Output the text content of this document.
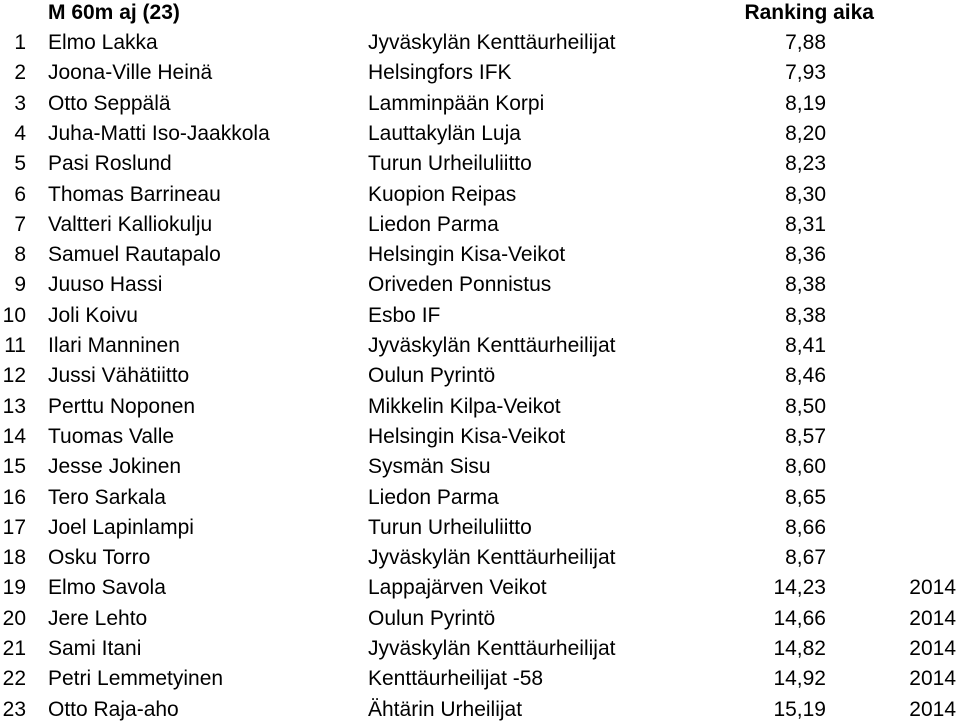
M 60m aj (23)	Ranking aika
1 Elmo Lakka	Jyväskylän Kenttäurheilijat	7,88
2 Joona-Ville Heinä	Helsingfors IFK	7,93
3 Otto Seppälä	Lamminpään Korpi	8,19
4 Juha-Matti Iso-Jaakkola	Lauttakylän Luja	8,20
5 Pasi Roslund	Turun Urheiluliitto	8,23
6 Thomas Barrineau	Kuopion Reipas	8,30
7 Valtteri Kalliokulju	Liedon Parma	8,31
8 Samuel Rautapalo	Helsingin Kisa-Veikot	8,36
9 Juuso Hassi	Oriveden Ponnistus	8,38
10 Joli Koivu	Esbo IF	8,38
11 Ilari Manninen	Jyväskylän Kenttäurheilijat	8,41
12 Jussi Vähätiitto	Oulun Pyrintö	8,46
13 Perttu Noponen	Mikkelin Kilpa-Veikot	8,50
14 Tuomas Valle	Helsingin Kisa-Veikot	8,57
15 Jesse Jokinen	Sysmän Sisu	8,60
16 Tero Sarkala	Liedon Parma	8,65
17 Joel Lapinlampi	Turun Urheiluliitto	8,66
18 Osku Torro	Jyväskylän Kenttäurheilijat	8,67
19 Elmo Savola	Lappajärven Veikot	14,23	2014
20 Jere Lehto	Oulun Pyrintö	14,66	2014
21 Sami Itani	Jyväskylän Kenttäurheilijat	14,82	2014
22 Petri Lemmetyinen	Kenttäurheilijat -58	14,92	2014
23 Otto Raja-aho	Ähtärin Urheilijat	15,19	2014
